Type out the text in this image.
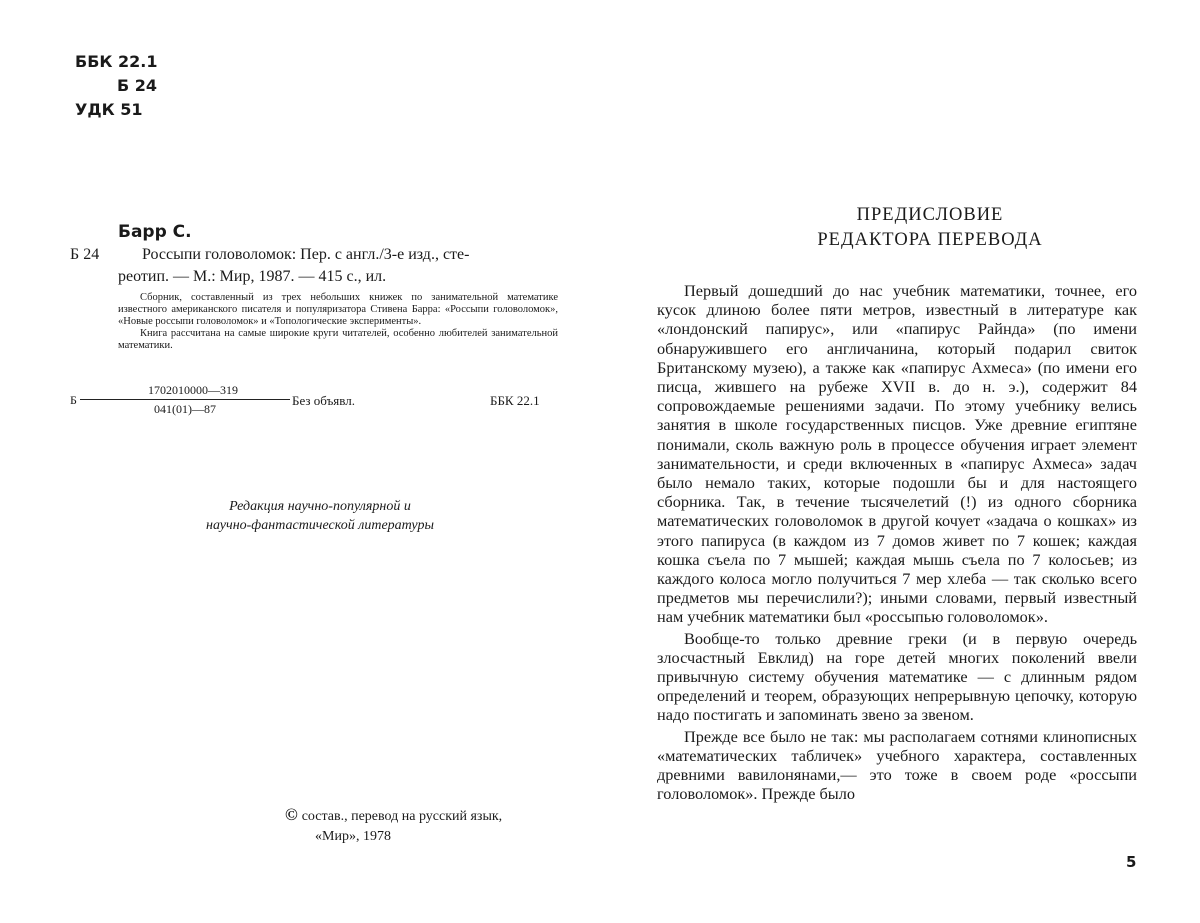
ББК 22.1
Б 24
УДК 51
Барр С.
Б 24	Россыпи головоломок: Пер. с англ./3-е изд., сте-
реотип. — М.: Мир, 1987. — 415 с., ил.

Сборник, составленный из трех небольших книжек по занимательной математике известного американского писателя и популяризатора Стивена Барра: «Россыпи головоломок», «Новые россыпи головоломок» и «Топологические эксперименты».

Книга рассчитана на самые широкие круги читателей, особенно любителей занимательной математики.

Б
1702010000—319
041(01)—87
Без объявл.	ББК 22.1
Редакция научно-популярной и
научно-фантастической литературы
© состав., перевод на русский язык,
«Мир», 1978
ПРЕДИСЛОВИЕ
РЕДАКТОРА ПЕРЕВОДА

Первый дошедший до нас учебник математики, точнее, его кусок длиною более пяти метров, известный в литературе как «лондонский папирус», или «папирус Райнда» (по имени обнаружившего его англичанина, который подарил свиток Британскому музею), а также как «папирус Ахмеса» (по имени его писца, жившего на рубеже XVII в. до н. э.), содержит 84 сопровождаемые решениями задачи. По этому учебнику велись занятия в школе государственных писцов. Уже древние египтяне понимали, сколь важную роль в процессе обучения играет элемент занимательности, и среди включенных в «папирус Ахмеса» задач было немало таких, которые подошли бы и для настоящего сборника. Так, в течение тысячелетий (!) из одного сборника математических головоломок в другой кочует «задача о кошках» из этого папируса (в каждом из 7 домов живет по 7 кошек; каждая кошка съела по 7 мышей; каждая мышь съела по 7 колосьев; из каждого колоса могло получиться 7 мер хлеба — так сколько всего предметов мы перечислили?); иными словами, первый известный нам учебник математики был «россыпью головоломок».

Вообще-то только древние греки (и в первую очередь злосчастный Евклид) на горе детей многих поколений ввели привычную систему обучения математике — с длинным рядом определений и теорем, образующих непрерывную цепочку, которую надо постигать и запоминать звено за звеном.

Прежде все было не так: мы располагаем сотнями клинописных «математических табличек» учебного характера, составленных древними вавилонянами,— это тоже в своем роде «россыпи головоломок». Прежде было

5
